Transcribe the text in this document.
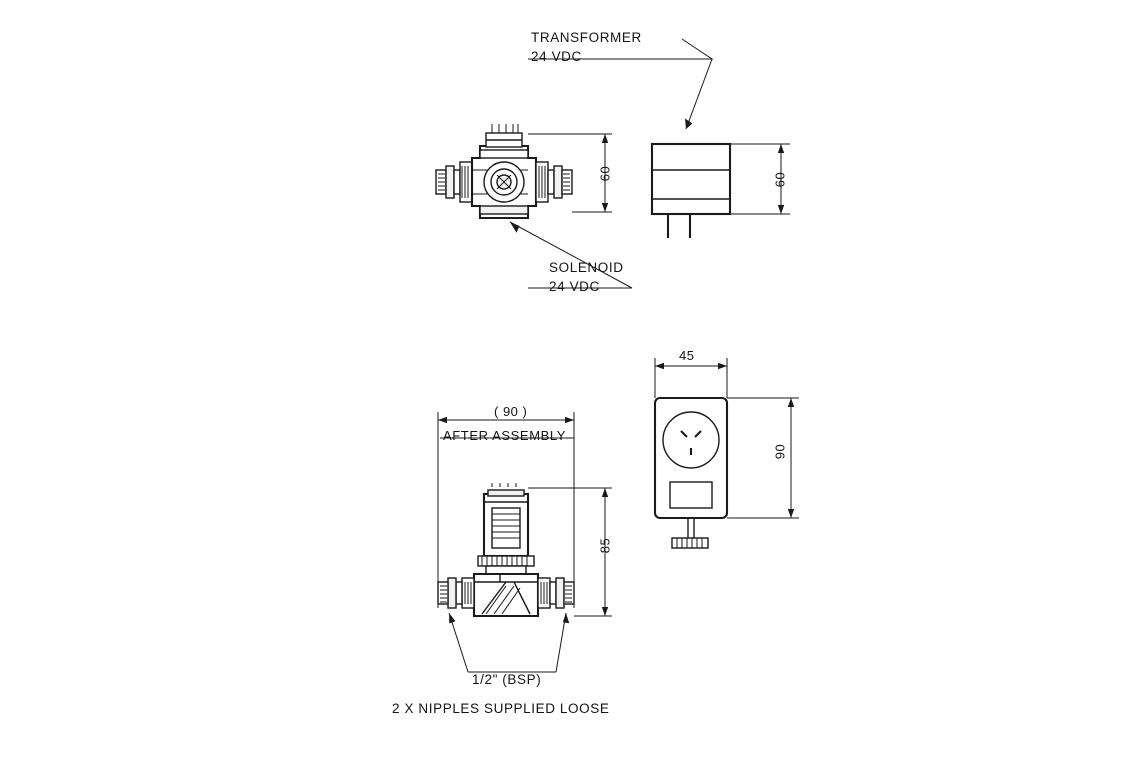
TRANSFORMER
24 VDC
SOLENOID
24 VDC
AFTER ASSEMBLY
( 90 )
1/2" (BSP)
2 X NIPPLES SUPPLIED LOOSE
60	60
85
90
45
